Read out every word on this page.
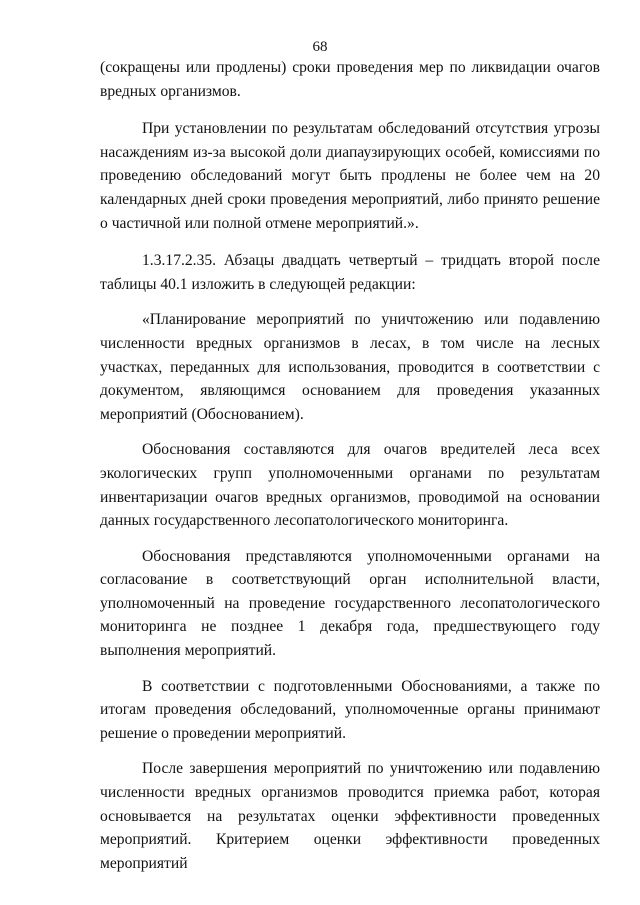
68

(сокращены или продлены) сроки проведения мер по ликвидации очагов вредных организмов.

При установлении по результатам обследований отсутствия угрозы насаждениям из-за высокой доли диапаузирующих особей, комиссиями по проведению обследований могут быть продлены не более чем на 20 календарных дней сроки проведения мероприятий, либо принято решение о частичной или полной отмене мероприятий.».

1.3.17.2.35. Абзацы двадцать четвертый – тридцать второй после таблицы 40.1 изложить в следующей редакции:

«Планирование мероприятий по уничтожению или подавлению численности вредных организмов в лесах, в том числе на лесных участках, переданных для использования, проводится в соответствии с документом, являющимся основанием для проведения указанных мероприятий (Обоснованием).

Обоснования составляются для очагов вредителей леса всех экологических групп уполномоченными органами по результатам инвентаризации очагов вредных организмов, проводимой на основании данных государственного лесопатологического мониторинга.

Обоснования представляются уполномоченными органами на согласование в соответствующий орган исполнительной власти, уполномоченный на проведение государственного лесопатологического мониторинга не позднее 1 декабря года, предшествующего году выполнения мероприятий.

В соответствии с подготовленными Обоснованиями, а также по итогам проведения обследований, уполномоченные органы принимают решение о проведении мероприятий.

После завершения мероприятий по уничтожению или подавлению численности вредных организмов проводится приемка работ, которая основывается на результатах оценки эффективности проведенных мероприятий. Критерием оценки эффективности проведенных мероприятий
